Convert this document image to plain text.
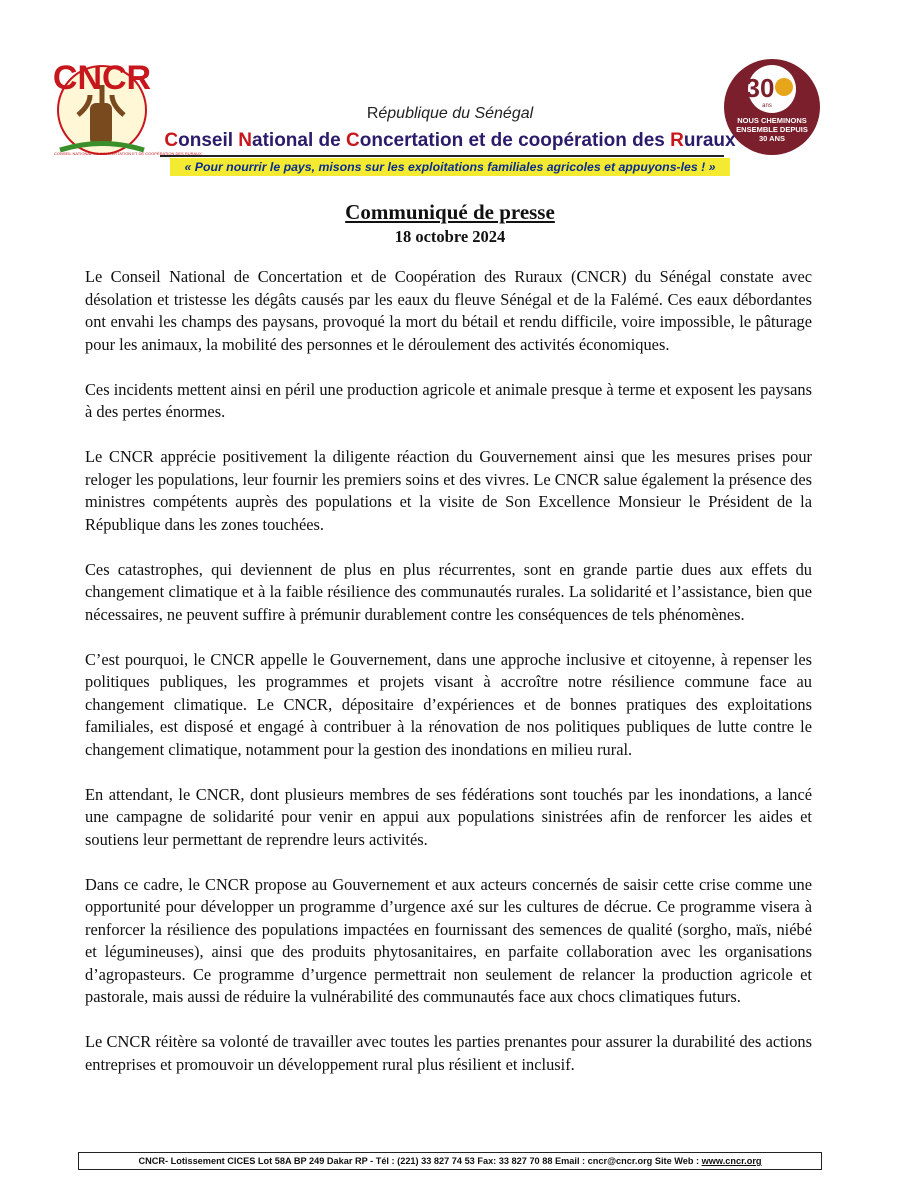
CNCR
CONSEIL NATIONAL DE CONCERTATION ET DE COOPÉRATION DES RURAUX
30
ans
NOUS CHEMINONS
ENSEMBLE DEPUIS
30 ANS
République du Sénégal
Conseil National de Concertation et de coopération des Ruraux
« Pour nourrir le pays, misons sur les exploitations familiales agricoles et appuyons-les ! »
Communiqué de presse
18 octobre 2024

Le Conseil National de Concertation et de Coopération des Ruraux (CNCR) du Sénégal constate avec désolation et tristesse les dégâts causés par les eaux du fleuve Sénégal et de la Falémé. Ces eaux débordantes ont envahi les champs des paysans, provoqué la mort du bétail et rendu difficile, voire impossible, le pâturage pour les animaux, la mobilité des personnes et le déroulement des activités économiques.

Ces incidents mettent ainsi en péril une production agricole et animale presque à terme et exposent les paysans à des pertes énormes.

Le CNCR apprécie positivement la diligente réaction du Gouvernement ainsi que les mesures prises pour reloger les populations, leur fournir les premiers soins et des vivres. Le CNCR salue également la présence des ministres compétents auprès des populations et la visite de Son Excellence Monsieur le Président de la République dans les zones touchées.

Ces catastrophes, qui deviennent de plus en plus récurrentes, sont en grande partie dues aux effets du changement climatique et à la faible résilience des communautés rurales. La solidarité et l’assistance, bien que nécessaires, ne peuvent suffire à prémunir durablement contre les conséquences de tels phénomènes.

C’est pourquoi, le CNCR appelle le Gouvernement, dans une approche inclusive et citoyenne, à repenser les politiques publiques, les programmes et projets visant à accroître notre résilience commune face au changement climatique. Le CNCR, dépositaire d’expériences et de bonnes pratiques des exploitations familiales, est disposé et engagé à contribuer à la rénovation de nos politiques publiques de lutte contre le changement climatique, notamment pour la gestion des inondations en milieu rural.

En attendant, le CNCR, dont plusieurs membres de ses fédérations sont touchés par les inondations, a lancé une campagne de solidarité pour venir en appui aux populations sinistrées afin de renforcer les aides et soutiens leur permettant de reprendre leurs activités.

Dans ce cadre, le CNCR propose au Gouvernement et aux acteurs concernés de saisir cette crise comme une opportunité pour développer un programme d’urgence axé sur les cultures de décrue. Ce programme visera à renforcer la résilience des populations impactées en fournissant des semences de qualité (sorgho, maïs, niébé et légumineuses), ainsi que des produits phytosanitaires, en parfaite collaboration avec les organisations d’agropasteurs. Ce programme d’urgence permettrait non seulement de relancer la production agricole et pastorale, mais aussi de réduire la vulnérabilité des communautés face aux chocs climatiques futurs.

Le CNCR réitère sa volonté de travailler avec toutes les parties prenantes pour assurer la durabilité des actions entreprises et promouvoir un développement rural plus résilient et inclusif.

CNCR- Lotissement CICES Lot 58A BP 249 Dakar RP - Tél : (221) 33 827 74 53 Fax: 33 827 70 88 Email : cncr@cncr.org Site Web : www.cncr.org
